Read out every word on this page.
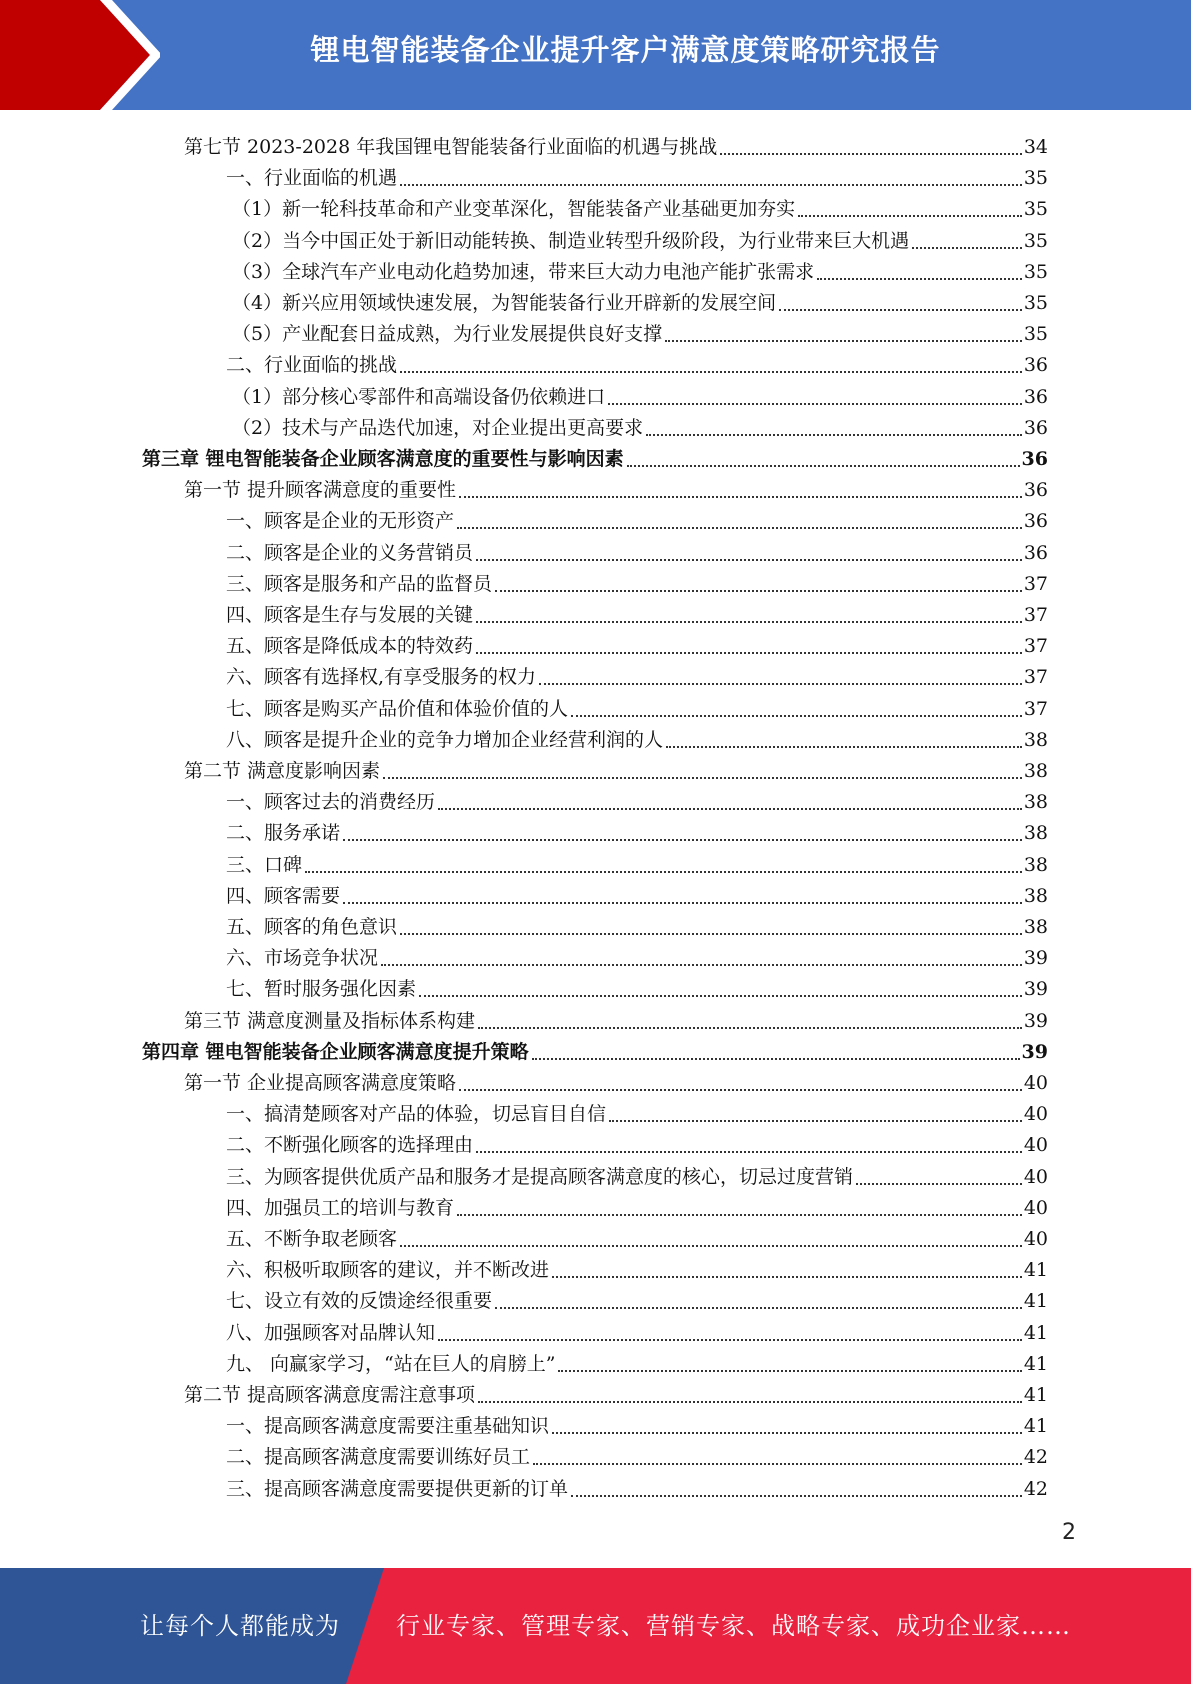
锂电智能装备企业提升客户满意度策略研究报告
第七节 2023-2028 年我国锂电智能装备行业面临的机遇与挑战	34
一、行业面临的机遇	35
（1）新一轮科技革命和产业变革深化，智能装备产业基础更加夯实	35
（2）当今中国正处于新旧动能转换、制造业转型升级阶段，为行业带来巨大机遇	35
（3）全球汽车产业电动化趋势加速，带来巨大动力电池产能扩张需求	35
（4）新兴应用领域快速发展，为智能装备行业开辟新的发展空间	35
（5）产业配套日益成熟，为行业发展提供良好支撑	35
二、行业面临的挑战	36
（1）部分核心零部件和高端设备仍依赖进口	36
（2）技术与产品迭代加速，对企业提出更高要求	36
第三章 锂电智能装备企业顾客满意度的重要性与影响因素	36
第一节 提升顾客满意度的重要性	36
一、顾客是企业的无形资产	36
二、顾客是企业的义务营销员	36
三、顾客是服务和产品的监督员	37
四、顾客是生存与发展的关键	37
五、顾客是降低成本的特效药	37
六、顾客有选择权,有享受服务的权力	37
七、顾客是购买产品价值和体验价值的人	37
八、顾客是提升企业的竞争力增加企业经营利润的人	38
第二节 满意度影响因素	38
一、顾客过去的消费经历	38
二、服务承诺	38
三、口碑	38
四、顾客需要	38
五、顾客的角色意识	38
六、市场竞争状况	39
七、暂时服务强化因素	39
第三节 满意度测量及指标体系构建	39
第四章 锂电智能装备企业顾客满意度提升策略	39
第一节 企业提高顾客满意度策略	40
一、搞清楚顾客对产品的体验，切忌盲目自信	40
二、不断强化顾客的选择理由	40
三、为顾客提供优质产品和服务才是提高顾客满意度的核心，切忌过度营销	40
四、加强员工的培训与教育	40
五、不断争取老顾客	40
六、积极听取顾客的建议，并不断改进	41
七、设立有效的反馈途经很重要	41
八、加强顾客对品牌认知	41
九、 向赢家学习，“站在巨人的肩膀上”	41
第二节 提高顾客满意度需注意事项	41
一、提高顾客满意度需要注重基础知识	41
二、提高顾客满意度需要训练好员工	42
三、提高顾客满意度需要提供更新的订单	42
2
让每个人都能成为 行业专家、管理专家、营销专家、战略专家、成功企业家……
